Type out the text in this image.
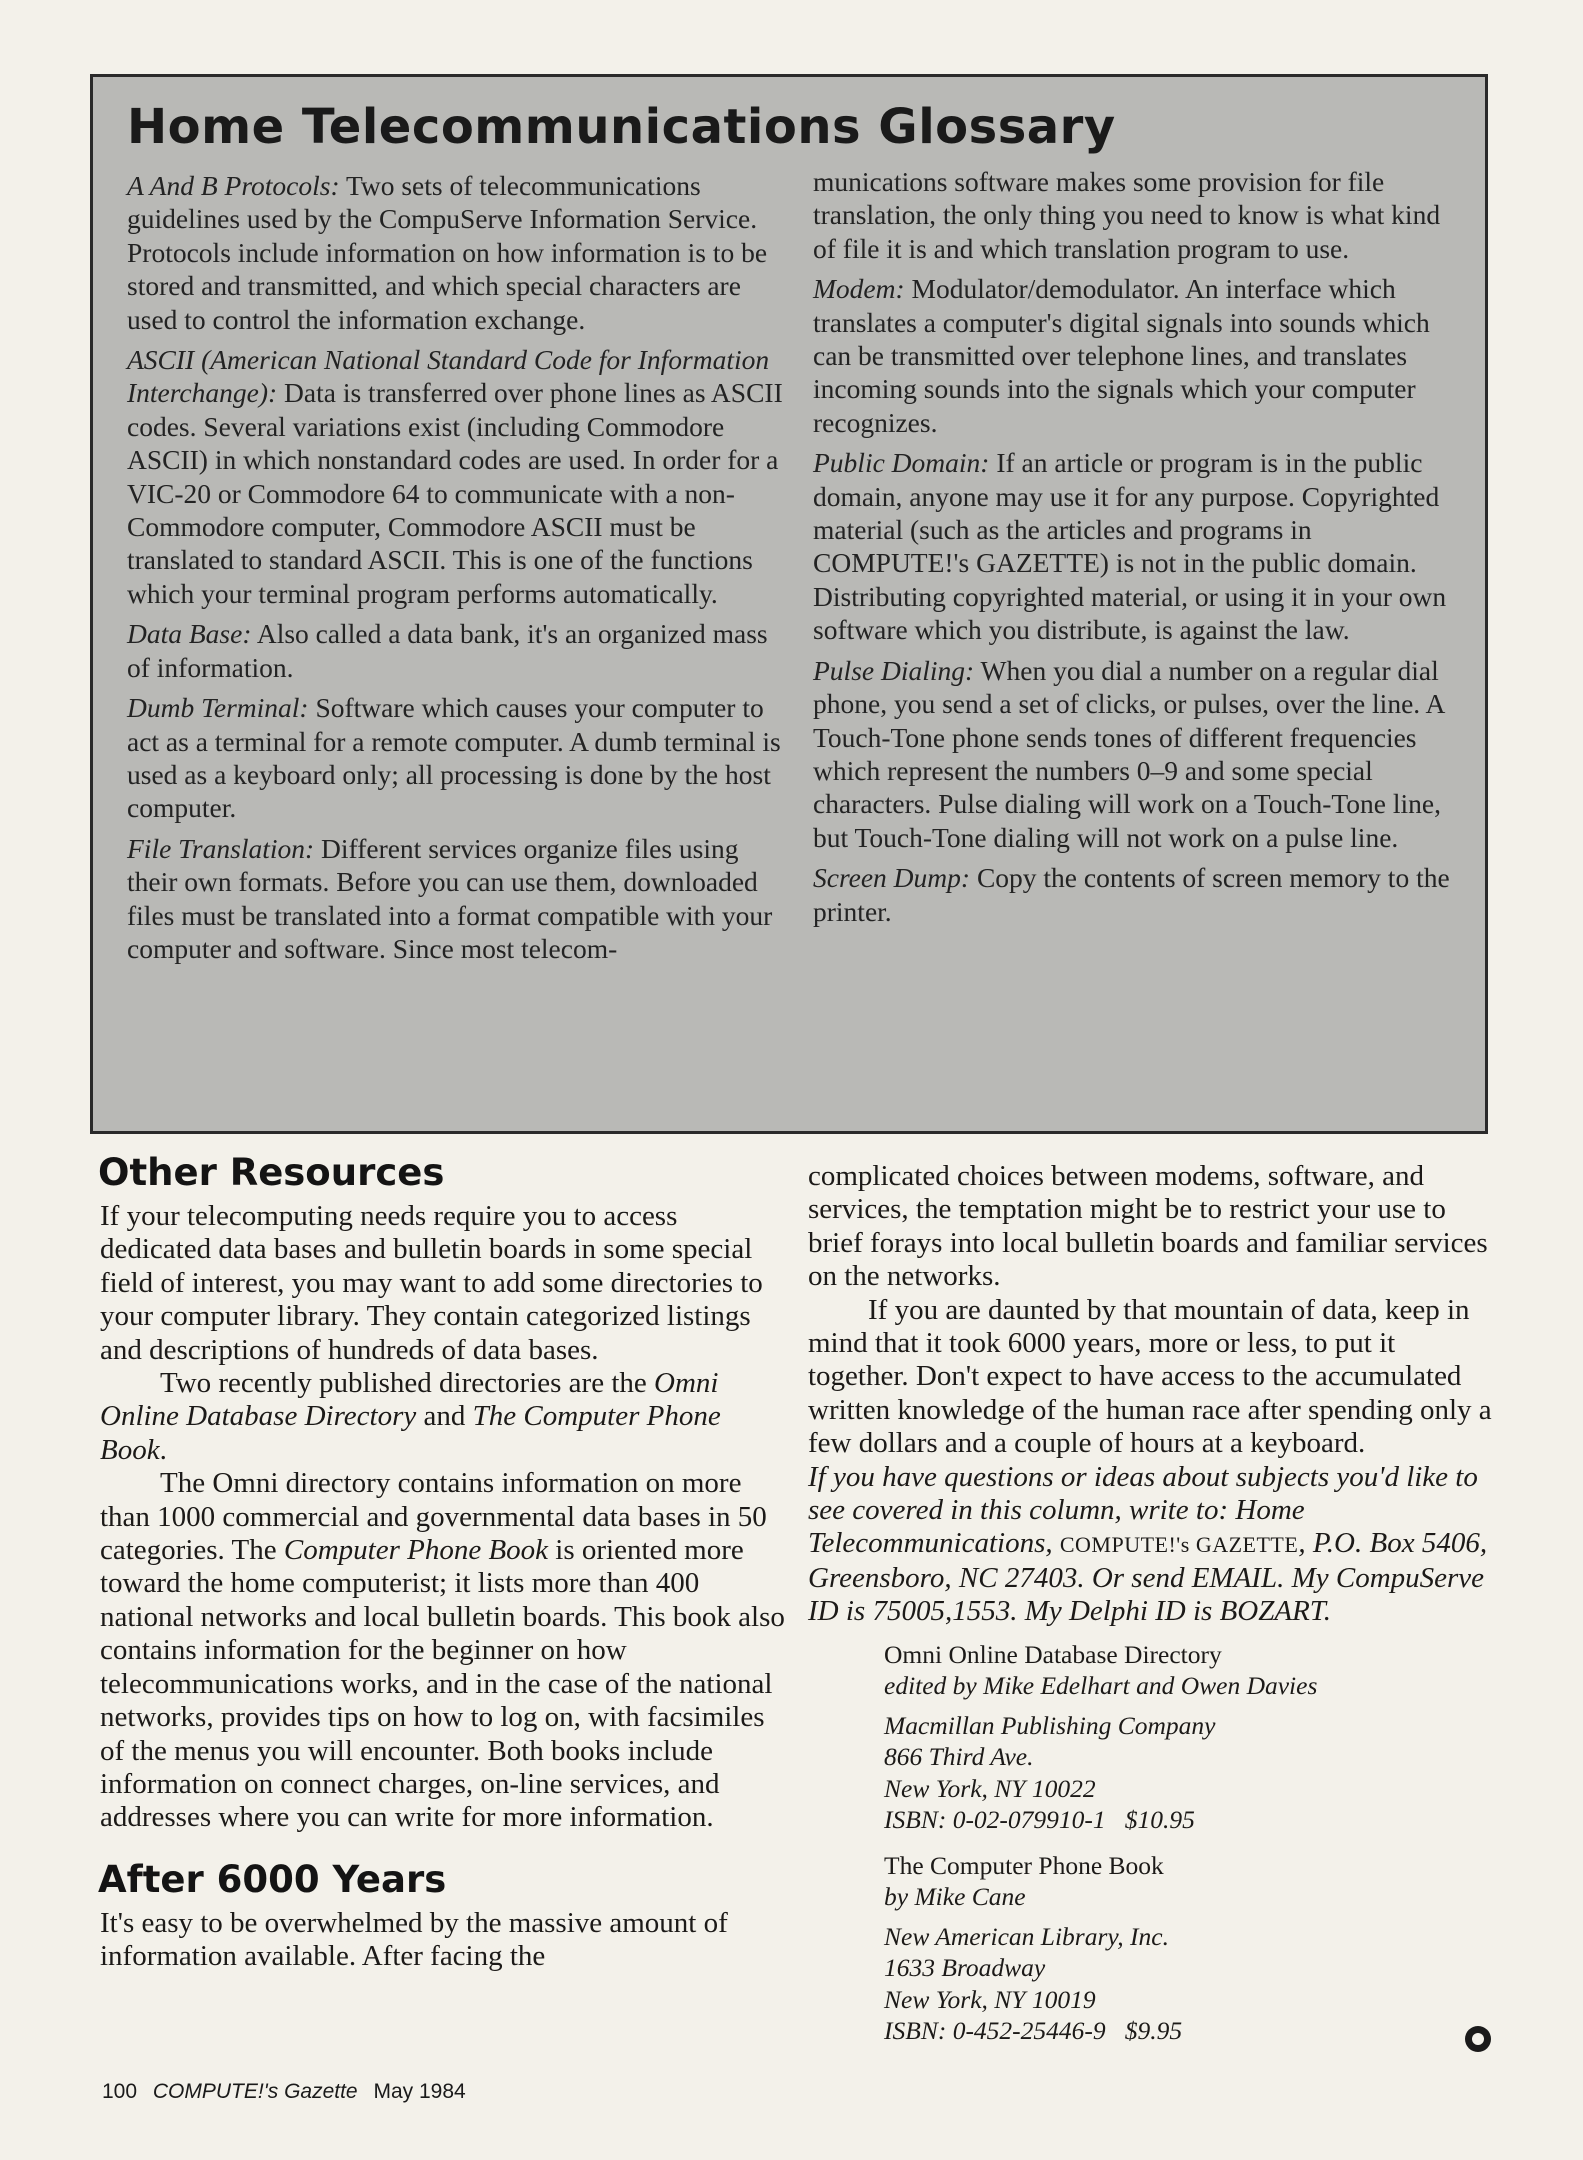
Home Telecommunications Glossary

A And B Protocols: Two sets of telecommunications guidelines used by the CompuServe Information Service. Protocols include information on how information is to be stored and transmitted, and which special characters are used to control the information exchange.

ASCII (American National Standard Code for Information Interchange): Data is transferred over phone lines as ASCII codes. Several variations exist (including Commodore ASCII) in which nonstandard codes are used. In order for a VIC-20 or Commodore 64 to communicate with a non-Commodore computer, Commodore ASCII must be translated to standard ASCII. This is one of the functions which your terminal program performs automatically.

Data Base: Also called a data bank, it's an organized mass of information.

Dumb Terminal: Software which causes your computer to act as a terminal for a remote computer. A dumb terminal is used as a keyboard only; all processing is done by the host computer.

File Translation: Different services organize files using their own formats. Before you can use them, downloaded files must be translated into a format compatible with your computer and software. Since most telecom-

munications software makes some provision for file translation, the only thing you need to know is what kind of file it is and which translation program to use.

Modem: Modulator/demodulator. An interface which translates a computer's digital signals into sounds which can be transmitted over telephone lines, and translates incoming sounds into the signals which your computer recognizes.

Public Domain: If an article or program is in the public domain, anyone may use it for any purpose. Copyrighted material (such as the articles and programs in COMPUTE!'s GAZETTE) is not in the public domain. Distributing copyrighted material, or using it in your own software which you distribute, is against the law.

Pulse Dialing: When you dial a number on a regular dial phone, you send a set of clicks, or pulses, over the line. A Touch-Tone phone sends tones of different frequencies which represent the numbers 0–9 and some special characters. Pulse dialing will work on a Touch-Tone line, but Touch-Tone dialing will not work on a pulse line.

Screen Dump: Copy the contents of screen memory to the printer.

Other Resources

If your telecomputing needs require you to access dedicated data bases and bulletin boards in some special field of interest, you may want to add some directories to your computer library. They contain categorized listings and descriptions of hundreds of data bases.

Two recently published directories are the Omni Online Database Directory and The Computer Phone Book.

The Omni directory contains information on more than 1000 commercial and governmental data bases in 50 categories. The Computer Phone Book is oriented more toward the home computerist; it lists more than 400 national networks and local bulletin boards. This book also contains information for the beginner on how telecommunications works, and in the case of the national networks, provides tips on how to log on, with facsimiles of the menus you will encounter. Both books include information on connect charges, on-line services, and addresses where you can write for more information.

After 6000 Years

It's easy to be overwhelmed by the massive amount of information available. After facing the

complicated choices between modems, software, and services, the temptation might be to restrict your use to brief forays into local bulletin boards and familiar services on the networks.

If you are daunted by that mountain of data, keep in mind that it took 6000 years, more or less, to put it together. Don't expect to have access to the accumulated written knowledge of the human race after spending only a few dollars and a couple of hours at a keyboard.

If you have questions or ideas about subjects you'd like to see covered in this column, write to: Home Telecommunications, COMPUTE!'s GAZETTE, P.O. Box 5406, Greensboro, NC 27403. Or send EMAIL. My CompuServe ID is 75005,1553. My Delphi ID is BOZART.

Omni Online Database Directory
edited by Mike Edelhart and Owen Davies
Macmillan Publishing Company
866 Third Ave.
New York, NY 10022
ISBN: 0-02-079910-1   $10.95
The Computer Phone Book
by Mike Cane
New American Library, Inc.
1633 Broadway
New York, NY 10019
ISBN: 0-452-25446-9   $9.95
100 COMPUTE!'s Gazette May 1984
